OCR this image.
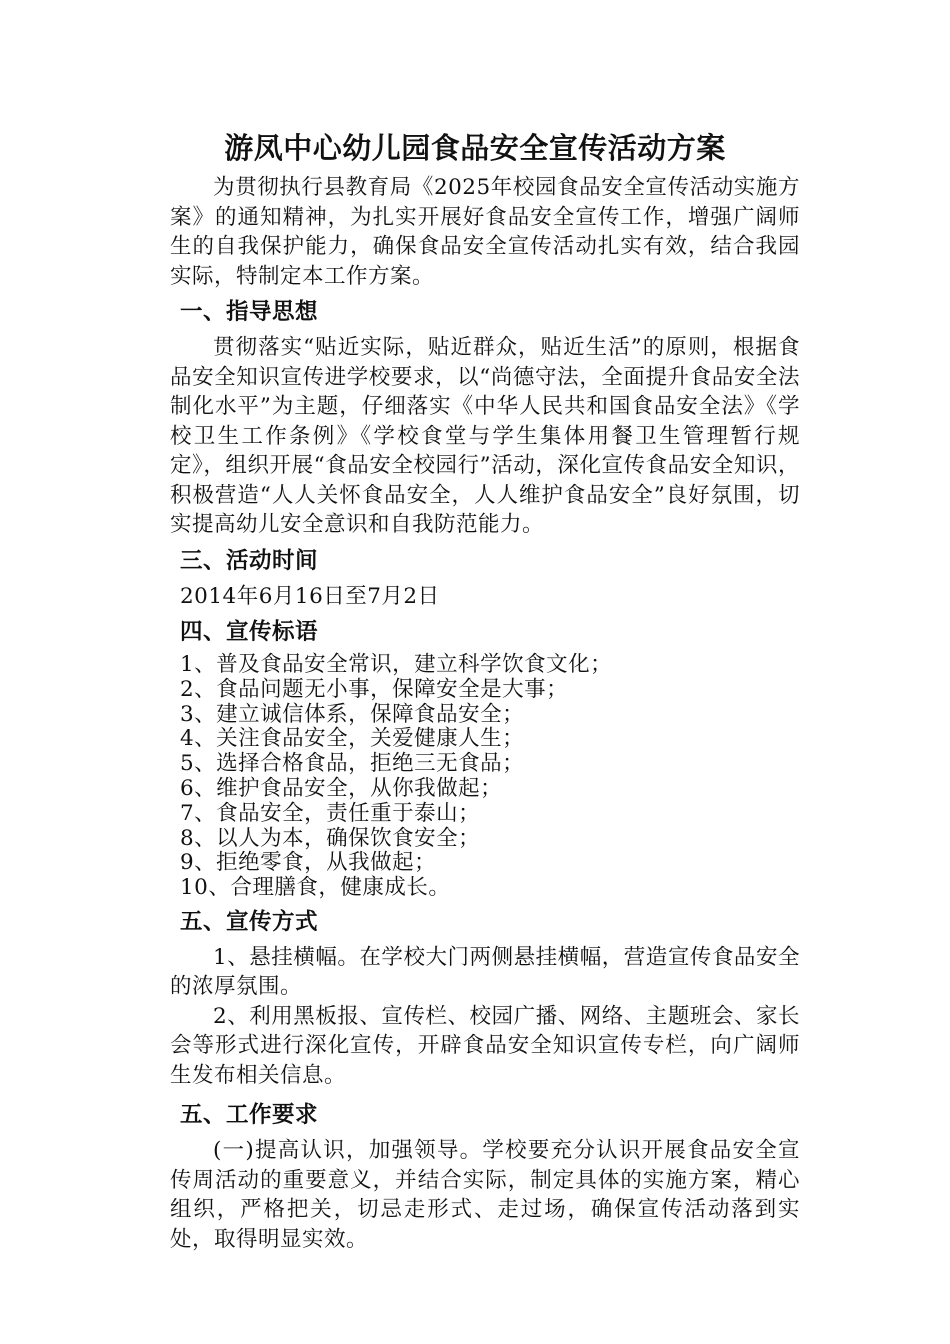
游凤中心幼儿园食品安全宣传活动方案

为贯彻执行县教育局《2025年校园食品安全宣传活动实施方案》的通知精神，为扎实开展好食品安全宣传工作，增强广阔师生的自我保护能力，确保食品安全宣传活动扎实有效，结合我园实际，特制定本工作方案。

一、指导思想

贯彻落实“贴近实际，贴近群众，贴近生活”的原则，根据食品安全知识宣传进学校要求，以“尚德守法，全面提升食品安全法制化水平”为主题，仔细落实《中华人民共和国食品安全法》《学校卫生工作条例》《学校食堂与学生集体用餐卫生管理暂行规定》，组织开展“食品安全校园行”活动，深化宣传食品安全知识，积极营造“人人关怀食品安全，人人维护食品安全”良好氛围，切实提高幼儿安全意识和自我防范能力。

三、活动时间

2014年6月16日至7月2日

四、宣传标语
1、普及食品安全常识，建立科学饮食文化；
2、食品问题无小事，保障安全是大事；
3、建立诚信体系，保障食品安全；
4、关注食品安全，关爱健康人生；
5、选择合格食品，拒绝三无食品；
6、维护食品安全，从你我做起；
7、食品安全，责任重于泰山；
8、以人为本，确保饮食安全；
9、拒绝零食，从我做起；
10、合理膳食，健康成长。
五、宣传方式

1、悬挂横幅。在学校大门两侧悬挂横幅，营造宣传食品安全的浓厚氛围。

2、利用黑板报、宣传栏、校园广播、网络、主题班会、家长会等形式进行深化宣传，开辟食品安全知识宣传专栏，向广阔师生发布相关信息。

五、工作要求

(一)提高认识，加强领导。学校要充分认识开展食品安全宣传周活动的重要意义，并结合实际，制定具体的实施方案，精心组织，严格把关，切忌走形式、走过场，确保宣传活动落到实处，取得明显实效。
